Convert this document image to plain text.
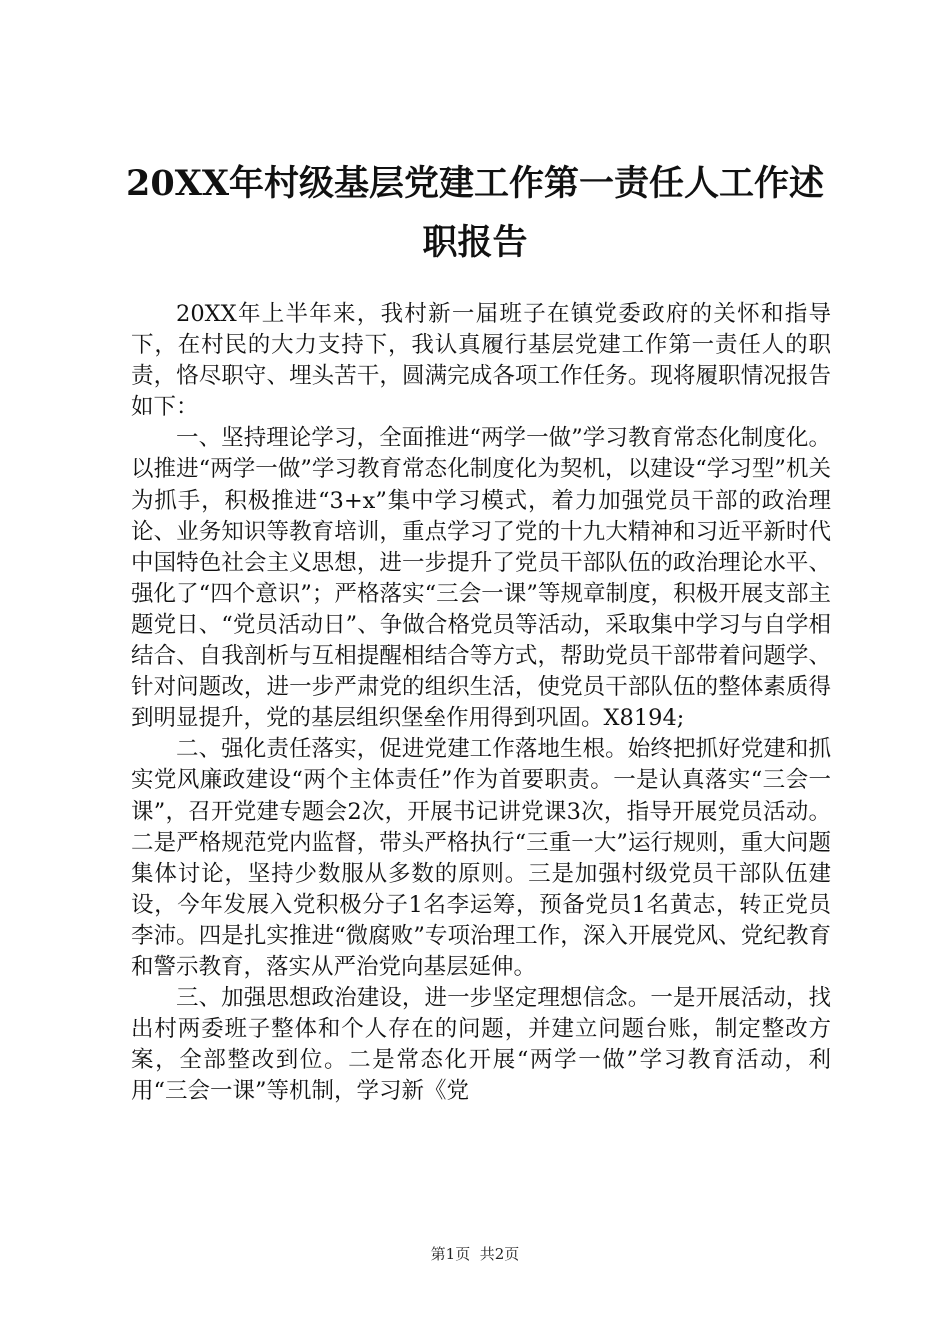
20XX年村级基层党建工作第一责任人工作述
职报告

20XX年上半年来，我村新一届班子在镇党委政府的关怀和指导下，在村民的大力支持下，我认真履行基层党建工作第一责任人的职责，恪尽职守、埋头苦干，圆满完成各项工作任务。现将履职情况报告如下：

一、坚持理论学习，全面推进“两学一做”学习教育常态化制度化。以推进“两学一做”学习教育常态化制度化为契机，以建设“学习型”机关为抓手，积极推进“3+x”集中学习模式，着力加强党员干部的政治理论、业务知识等教育培训，重点学习了党的十九大精神和习近平新时代中国特色社会主义思想，进一步提升了党员干部队伍的政治理论水平、强化了“四个意识”；严格落实“三会一课”等规章制度，积极开展支部主题党日、“党员活动日”、争做合格党员等活动，采取集中学习与自学相结合、自我剖析与互相提醒相结合等方式，帮助党员干部带着问题学、针对问题改，进一步严肃党的组织生活，使党员干部队伍的整体素质得到明显提升，党的基层组织堡垒作用得到巩固。X8194;

二、强化责任落实，促进党建工作落地生根。始终把抓好党建和抓实党风廉政建设“两个主体责任”作为首要职责。一是认真落实“三会一课”，召开党建专题会2次，开展书记讲党课3次，指导开展党员活动。二是严格规范党内监督，带头严格执行“三重一大”运行规则，重大问题集体讨论，坚持少数服从多数的原则。三是加强村级党员干部队伍建设，今年发展入党积极分子1名李运筹，预备党员1名黄志，转正党员李沛。四是扎实推进“微腐败”专项治理工作，深入开展党风、党纪教育和警示教育，落实从严治党向基层延伸。

三、加强思想政治建设，进一步坚定理想信念。一是开展活动，找出村两委班子整体和个人存在的问题，并建立问题台账，制定整改方案，全部整改到位。二是常态化开展“两学一做”学习教育活动，利用“三会一课”等机制，学习新《党

第1页 共2页
